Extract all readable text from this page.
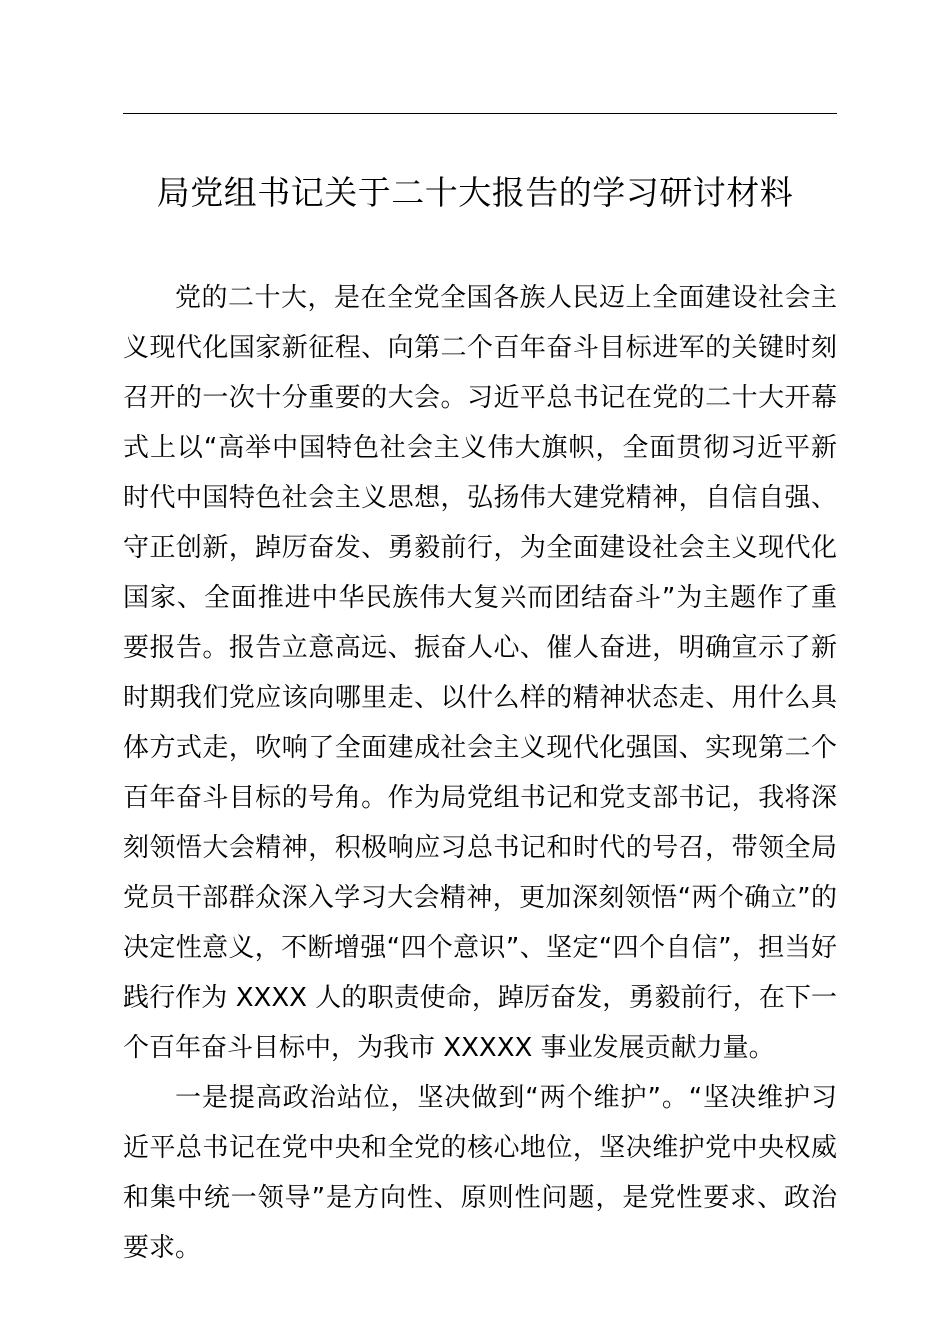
局党组书记关于二十大报告的学习研讨材料

党的二十大，是在全党全国各族人民迈上全面建设社会主义现代化国家新征程、向第二个百年奋斗目标进军的关键时刻召开的一次十分重要的大会。习近平总书记在党的二十大开幕式上以“高举中国特色社会主义伟大旗帜，全面贯彻习近平新时代中国特色社会主义思想，弘扬伟大建党精神，自信自强、守正创新，踔厉奋发、勇毅前行，为全面建设社会主义现代化国家、全面推进中华民族伟大复兴而团结奋斗”为主题作了重要报告。报告立意高远、振奋人心、催人奋进，明确宣示了新时期我们党应该向哪里走、以什么样的精神状态走、用什么具体方式走，吹响了全面建成社会主义现代化强国、实现第二个百年奋斗目标的号角。作为局党组书记和党支部书记，我将深刻领悟大会精神，积极响应习总书记和时代的号召，带领全局党员干部群众深入学习大会精神，更加深刻领悟“两个确立”的决定性意义，不断增强“四个意识”、坚定“四个自信”，担当好践行作为 XXXX 人的职责使命，踔厉奋发，勇毅前行，在下一个百年奋斗目标中，为我市 XXXXX 事业发展贡献力量。

一是提高政治站位，坚决做到“两个维护”。“坚决维护习近平总书记在党中央和全党的核心地位，坚决维护党中央权威和集中统一领导”是方向性、原则性问题，是党性要求、政治要求。
